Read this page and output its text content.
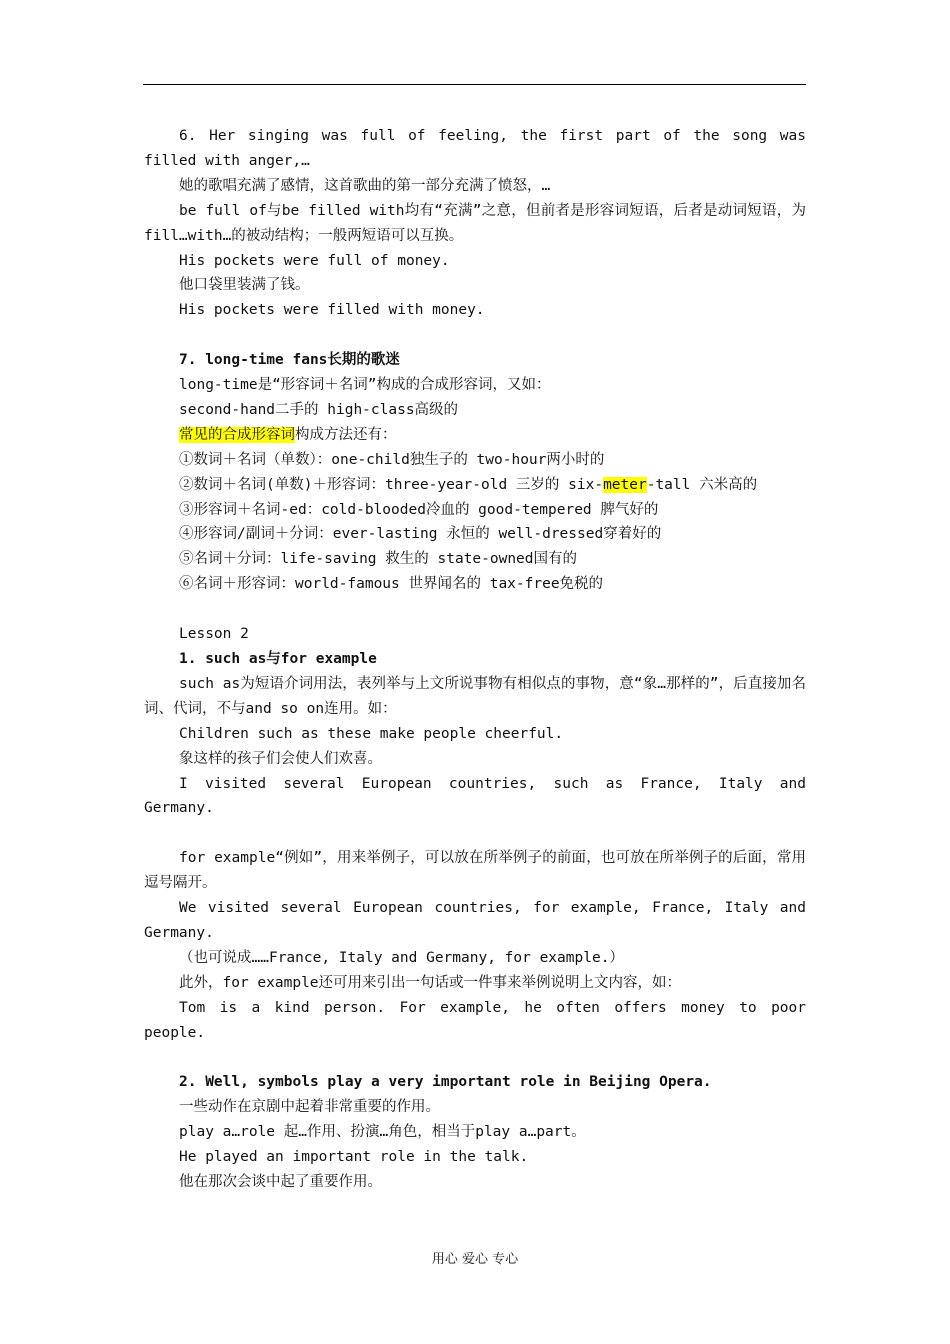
6. Her singing was full of feeling, the first part of the song was filled with anger,…

她的歌唱充满了感情，这首歌曲的第一部分充满了愤怒，…

be full of与be filled with均有“充满”之意，但前者是形容词短语，后者是动词短语，为fill…with…的被动结构；一般两短语可以互换。

His pockets were full of money.

他口袋里装满了钱。

His pockets were filled with money.

7. long-time fans长期的歌迷

long-time是“形容词＋名词”构成的合成形容词，又如：

second-hand二手的 high-class高级的

常见的合成形容词构成方法还有：

①数词＋名词（单数）：one-child独生子的 two-hour两小时的

②数词＋名词(单数)＋形容词：three-year-old 三岁的 six-meter-tall 六米高的

③形容词＋名词-ed：cold-blooded冷血的 good-tempered 脾气好的

④形容词/副词＋分词：ever-lasting 永恒的 well-dressed穿着好的

⑤名词＋分词：life-saving 救生的 state-owned国有的

⑥名词＋形容词：world-famous 世界闻名的 tax-free免税的

Lesson 2

1. such as与for example

such as为短语介词用法，表列举与上文所说事物有相似点的事物，意“象…那样的”，后直接加名词、代词，不与and so on连用。如：

Children such as these make people cheerful.

象这样的孩子们会使人们欢喜。

I visited several European countries, such as France, Italy and Germany.

for example“例如”，用来举例子，可以放在所举例子的前面，也可放在所举例子的后面，常用逗号隔开。

We visited several European countries, for example, France, Italy and Germany.

（也可说成……France, Italy and Germany, for example.）

此外，for example还可用来引出一句话或一件事来举例说明上文内容，如：

Tom is a kind person. For example, he often offers money to poor people.

2. Well, symbols play a very important role in Beijing Opera.

一些动作在京剧中起着非常重要的作用。

play a…role 起…作用、扮演…角色，相当于play a…part。

He played an important role in the talk.

他在那次会谈中起了重要作用。

用心 爱心 专心
